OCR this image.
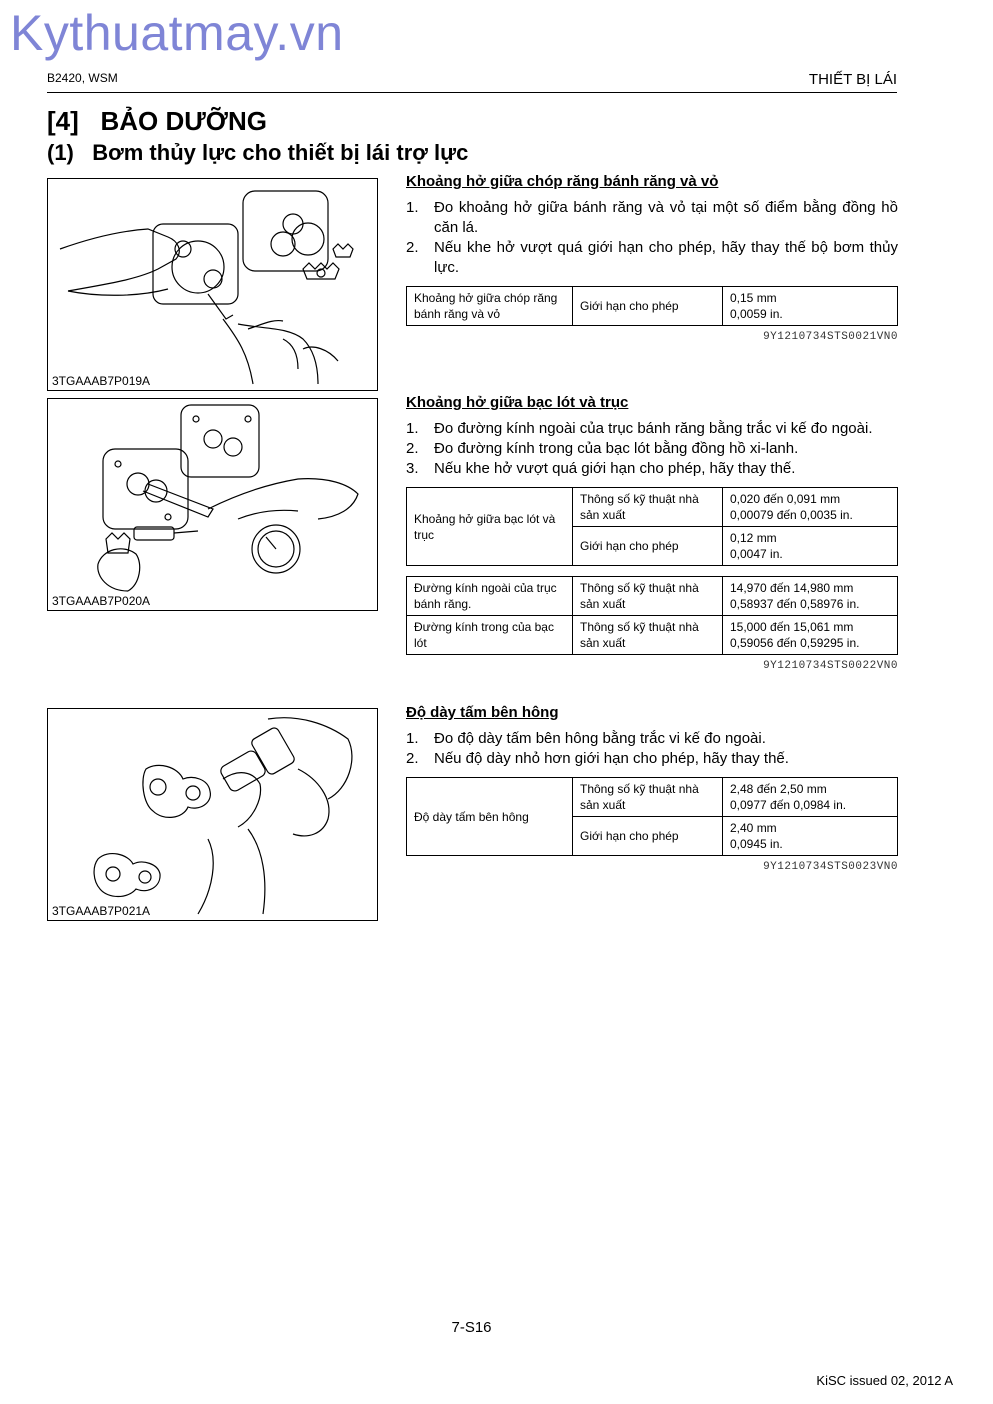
Kythuatmay.vn
B2420, WSM	THIẾT BỊ LÁI
[4]   BẢO DƯỠNG
(1)   Bơm thủy lực cho thiết bị lái trợ lực
3TGAAAB7P019A
3TGAAAB7P020A
3TGAAAB7P021A
Khoảng hở giữa chóp răng bánh răng và vỏ
1. Đo khoảng hở giữa bánh răng và vỏ tại một số điểm bằng đồng hồ căn lá.
2. Nếu khe hở vượt quá giới hạn cho phép, hãy thay thế bộ bơm thủy lực.
Khoảng hở giữa chóp răng bánh răng và vỏ	Giới hạn cho phép	0,15 mm
0,0059 in.
9Y1210734STS0021VN0
Khoảng hở giữa bạc lót và trục
1. Đo đường kính ngoài của trục bánh răng bằng trắc vi kế đo ngoài.
2. Đo đường kính trong của bạc lót bằng đồng hồ xi-lanh.
3. Nếu khe hở vượt quá giới hạn cho phép, hãy thay thế.
Khoảng hở giữa bạc lót và trục	Thông số kỹ thuật nhà sản xuất	0,020 đến 0,091 mm
0,00079 đến 0,0035 in.
	Giới hạn cho phép	0,12 mm
0,0047 in.
Đường kính ngoài của trục bánh răng.	Thông số kỹ thuật nhà sản xuất	14,970 đến 14,980 mm
0,58937 đến 0,58976 in.
Đường kính trong của bạc lót	Thông số kỹ thuật nhà sản xuất	15,000 đến 15,061 mm
0,59056 đến 0,59295 in.
9Y1210734STS0022VN0
Độ dày tấm bên hông
1. Đo độ dày tấm bên hông bằng trắc vi kế đo ngoài.
2. Nếu độ dày nhỏ hơn giới hạn cho phép, hãy thay thế.
Độ dày tấm bên hông	Thông số kỹ thuật nhà sản xuất	2,48 đến 2,50 mm
0,0977 đến 0,0984 in.
	Giới hạn cho phép	2,40 mm
0,0945 in.
9Y1210734STS0023VN0
7-S16
KiSC issued 02, 2012 A
